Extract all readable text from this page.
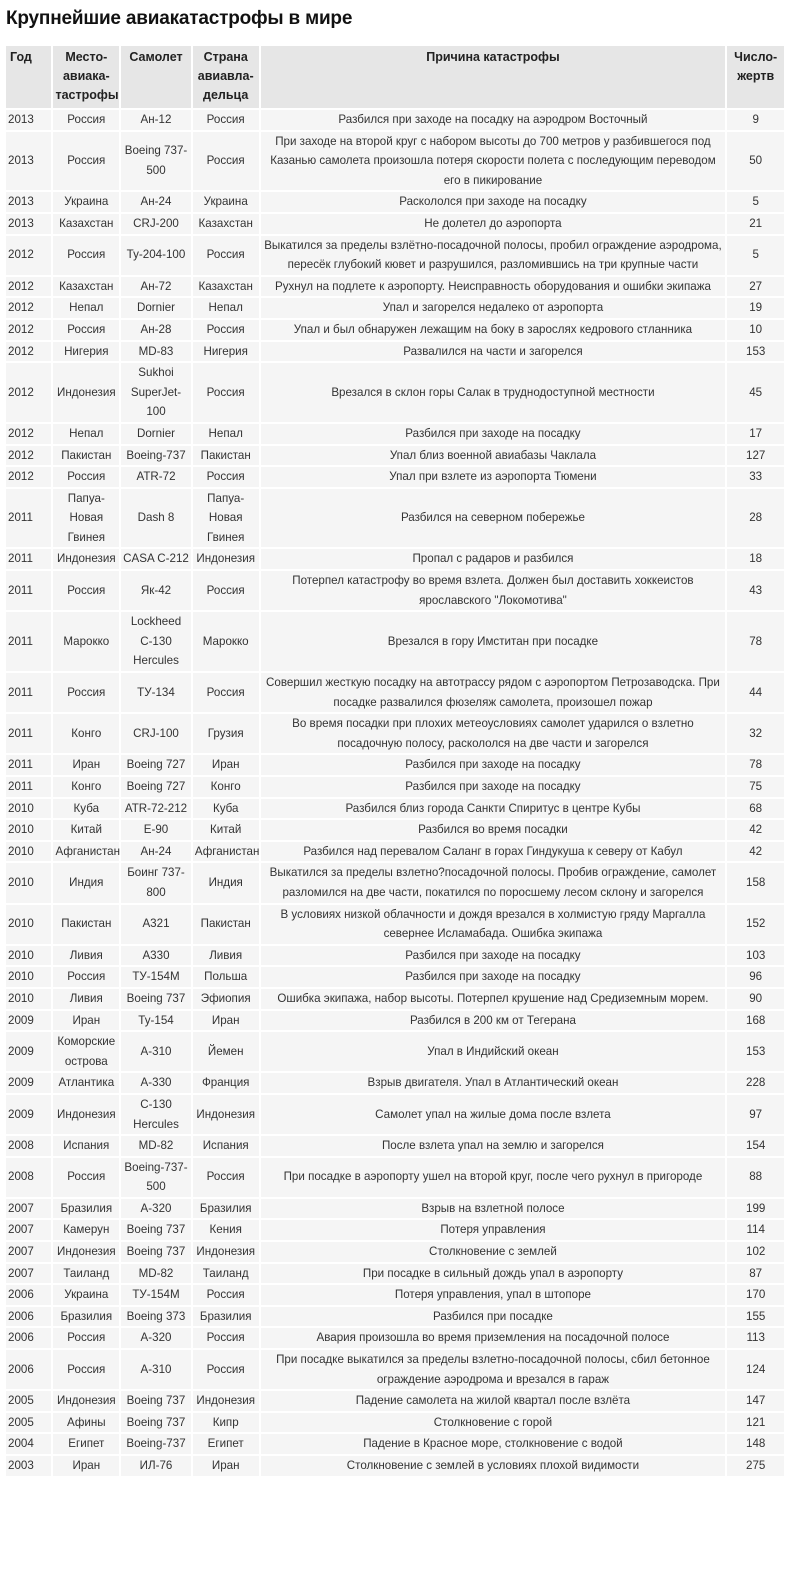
Крупнейшие авиакатастрофы в мире
Год	Место-авиака-тастрофы	Самолет	Страна авиавла-дельца	Причина катастрофы	Число-жертв
2013	Россия	Ан-12	Россия	Разбился при заходе на посадку на аэродром Восточный	9
2013	Россия	Boeing 737-500	Россия	При заходе на второй круг с набором высоты до 700 метров у разбившегося под Казанью самолета произошла потеря скорости полета с последующим переводом его в пикирование	50
2013	Украина	Ан-24	Украина	Раскололся при заходе на посадку	5
2013	Казахстан	CRJ-200	Казахстан	Не долетел до аэропорта	21
2012	Россия	Ту-204-100	Россия	Выкатился за пределы взлётно-посадочной полосы, пробил ограждение аэродрома, перeсёк глубокий кювет и разрушился, разломившись на три крупные части	5
2012	Казахстан	Ан-72	Казахстан	Рухнул на подлете к аэропорту. Неисправность оборудования и ошибки экипажа	27
2012	Непал	Dornier	Непал	Упал и загорелся недалеко от аэропорта	19
2012	Россия	Ан-28	Россия	Упал и был обнаружен лежащим на боку в зарослях кедрового стланника	10
2012	Нигерия	MD-83	Нигерия	Развалился на части и загорелся	153
2012	Индонезия	Sukhoi SuperJet-100	Россия	Врезался в склон горы Салак в труднодоступной местности	45
2012	Непал	Dornier	Непал	Разбился при заходе на посадку	17
2012	Пакистан	Boeing-737	Пакистан	Упал близ военной авиабазы Чаклала	127
2012	Россия	ATR-72	Россия	Упал при взлете из аэропорта Тюмени	33
2011	Папуа-Новая Гвинея	Dash 8	Папуа-Новая Гвинея	Разбился на северном побережье	28
2011	Индонезия	CASA C-212	Индонезия	Пропал с радаров и разбился	18
2011	Россия	Як-42	Россия	Потерпел катастрофу во время взлета. Должен был доставить хоккеистов ярославского "Локомотива"	43
2011	Марокко	Lockheed C-130 Hercules	Марокко	Врезался в гору Имститан при посадке	78
2011	Россия	ТУ-134	Россия	Совершил жесткую посадку на автотрассу рядом с аэропортом Петрозаводска. При посадке развалился фюзеляж самолета, произошел пожар	44
2011	Конго	CRJ-100	Грузия	Во время посадки при плохих метеоусловиях самолет ударился о взлетно посадочную полосу, раскололся на две части и загорелся	32
2011	Иран	Boeing 727	Иран	Разбился при заходе на посадку	78
2011	Конго	Boeing 727	Конго	Разбился при заходе на посадку	75
2010	Куба	ATR-72-212	Куба	Разбился близ города Санкти Спиритус в центре Кубы	68
2010	Китай	E-90	Китай	Разбился во время посадки	42
2010	Афганистан	Ан-24	Афганистан	Разбился над перевалом Саланг в горах Гиндукуша к северу от Кабул	42
2010	Индия	Боинг 737-800	Индия	Выкатился за пределы взлетно?посадочной полосы. Пробив ограждение, самолет разломился на две части, покатился по поросшему лесом склону и загорелся	158
2010	Пакистан	A321	Пакистан	В условиях низкой облачности и дождя врезался в холмистую гряду Маргалла севернее Исламабада. Ошибка экипажа	152
2010	Ливия	A330	Ливия	Разбился при заходе на посадку	103
2010	Россия	ТУ-154М	Польша	Разбился при заходе на посадку	96
2010	Ливия	Boeing 737	Эфиопия	Ошибка экипажа, набор высоты. Потерпел крушение над Средиземным морем.	90
2009	Иран	Ту-154	Иран	Разбился в 200 км от Тегерана	168
2009	Коморские острова	A-310	Йемен	Упал в Индийский океан	153
2009	Атлантика	A-330	Франция	Взрыв двигателя. Упал в Атлантический океан	228
2009	Индонезия	C-130 Hercules	Индонезия	Самолет упал на жилые дома после взлета	97
2008	Испания	MD-82	Испания	После взлета упал на землю и загорелся	154
2008	Россия	Boeing-737-500	Россия	При посадке в аэропорту ушел на второй круг, после чего рухнул в пригороде	88
2007	Бразилия	A-320	Бразилия	Взрыв на взлетной полосе	199
2007	Камерун	Boeing 737	Кения	Потеря управления	114
2007	Индонезия	Boeing 737	Индонезия	Столкновение с землей	102
2007	Таиланд	MD-82	Таиланд	При посадке в сильный дождь упал в аэропорту	87
2006	Украина	ТУ-154М	Россия	Потеря управления, упал в штопоре	170
2006	Бразилия	Boeing 373	Бразилия	Разбился при посадке	155
2006	Россия	A-320	Россия	Авария произошла во время приземления на посадочной полосе	113
2006	Россия	A-310	Россия	При посадке выкатился за пределы взлетно-посадочной полосы, сбил бетонное ограждение аэродрома и врезался в гараж	124
2005	Индонезия	Boeing 737	Индонезия	Падение самолета на жилой квартал после взлёта	147
2005	Афины	Boeing 737	Кипр	Столкновение с горой	121
2004	Египет	Boeing-737	Египет	Падение в Красное море, столкновение с водой	148
2003	Иран	ИЛ-76	Иран	Столкновение с землей в условиях плохой видимости	275
